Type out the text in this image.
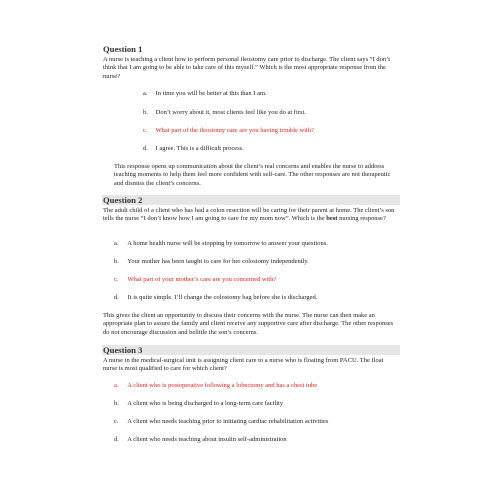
Question 1
A nurse is teaching a client how to perform personal ileostomy care prior to discharge. The client says “I don’t think that I am going to be able to take care of this myself.” Which is the most appropriate response from the nurse?
a. In time you will be better at this than I am.
b. Don’t worry about it, most clients feel like you do at first.
c. What part of the ileostomy care are you having trouble with?
d. I agree. This is a difficult process.
This response opens up communication about the client’s real concerns and enables the nurse to address teaching moments to help them feel more confident with self-care. The other responses are not therapeutic and dismiss the client’s concerns.
Question 2
The adult child of a client who has had a colon resection will be caring for their parent at home. The client’s son tells the nurse “I don’t know how I am going to care for my mom now”. Which is the best nursing response?
a. A home health nurse will be stopping by tomorrow to answer your questions.
b. Your mother has been taught to care for her colostomy independently.
c. What part of your mother’s care are you concerned with?
d. It is quite simple. I’ll change the colostomy bag before she is discharged.
This gives the client an opportunity to discuss their concerns with the nurse. The nurse can then make an appropriate plan to assure the family and client receive any supportive care after discharge. The other responses do not encourage discussion and belittle the son’s concerns.
Question 3
A nurse in the medical-surgical unit is assigning client care to a nurse who is floating from PACU. The float nurse is most qualified to care for which client?
a. A client who is postoperative following a lobectomy and has a chest tube
b. A client who is being discharged to a long-term care facility
c. A client who needs teaching prior to initiating cardiac rehabilitation activities
d. A client who needs teaching about insulin self-administration
